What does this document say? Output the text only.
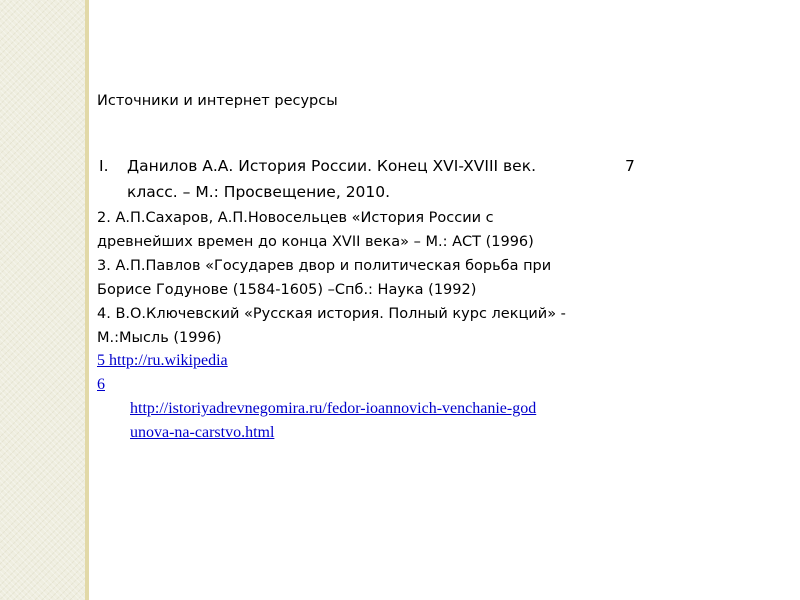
Источники и интернет ресурсы
I. Данилов А.А. История России. Конец XVI-XVIII век.	7
класс. – М.: Просвещение, 2010.
2. А.П.Сахаров, А.П.Новосельцев «История России с
древнейших времен до конца XVII века» – М.: АСТ (1996)
3. А.П.Павлов «Государев двор и политическая борьба при
Борисе Годунове (1584-1605) –Спб.: Наука (1992)
4. В.О.Ключевский «Русская история. Полный курс лекций» -
М.:Мысль (1996)
5 http://ru.wikipedia
6
http://istoriyadrevnegomira.ru/fedor-ioannovich-venchanie-god
unova-na-carstvo.html
